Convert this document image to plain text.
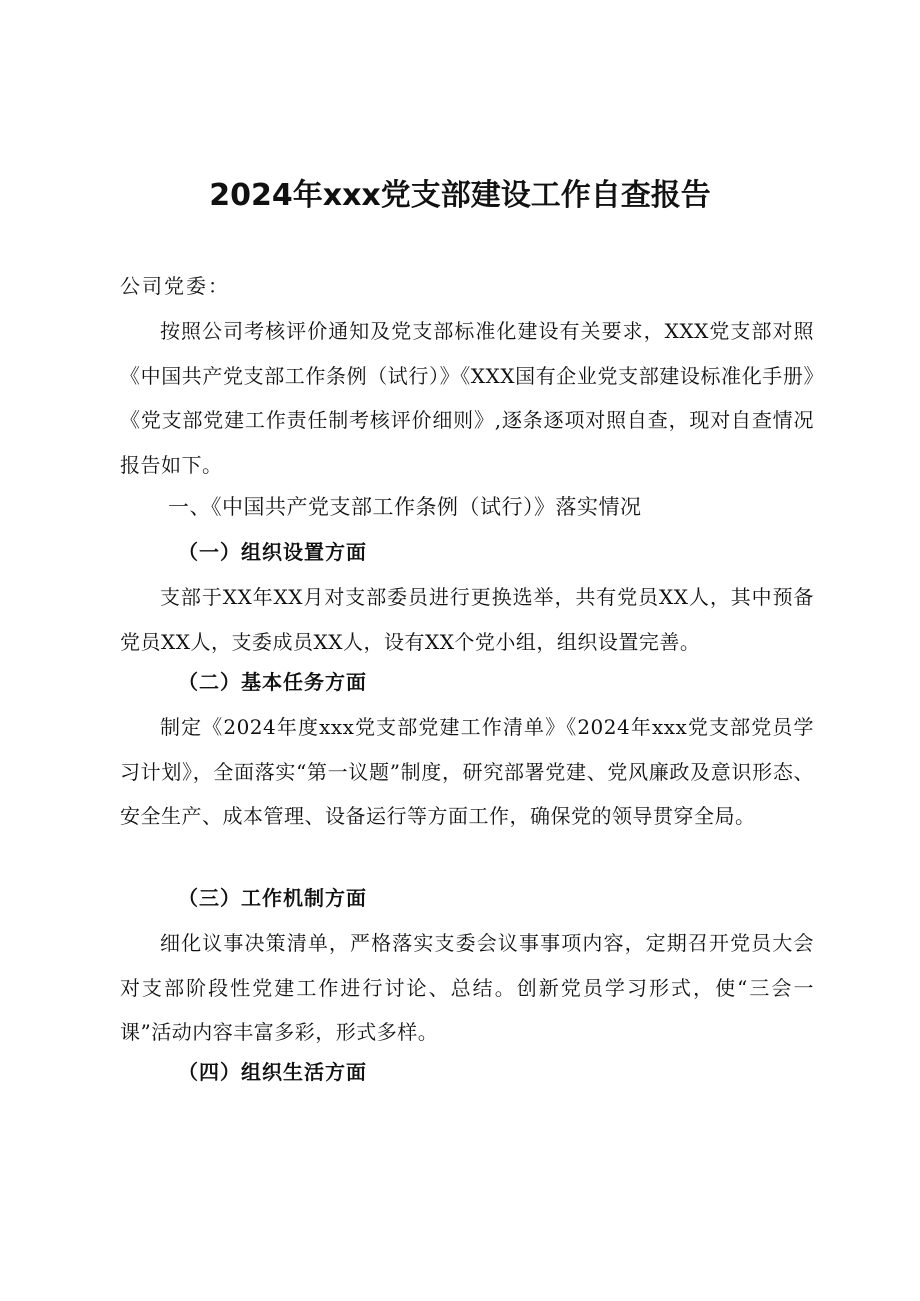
2024年xxx党支部建设工作自查报告
公司党委：
按照公司考核评价通知及党支部标准化建设有关要求，XXX党支部对照《中国共产党支部工作条例（试行）》《XXX国有企业党支部建设标准化手册》《党支部党建工作责任制考核评价细则》,逐条逐项对照自查，现对自查情况报告如下。
一、《中国共产党支部工作条例（试行）》落实情况
（一）组织设置方面
支部于XX年XX月对支部委员进行更换选举，共有党员XX人，其中预备党员XX人，支委成员XX人，设有XX个党小组，组织设置完善。
（二）基本任务方面
制定《2024年度xxx党支部党建工作清单》《2024年xxx党支部党员学习计划》，全面落实“第一议题”制度，研究部署党建、党风廉政及意识形态、安全生产、成本管理、设备运行等方面工作，确保党的领导贯穿全局。
（三）工作机制方面
细化议事决策清单，严格落实支委会议事事项内容，定期召开党员大会对支部阶段性党建工作进行讨论、总结。创新党员学习形式，使“三会一课”活动内容丰富多彩，形式多样。
（四）组织生活方面
